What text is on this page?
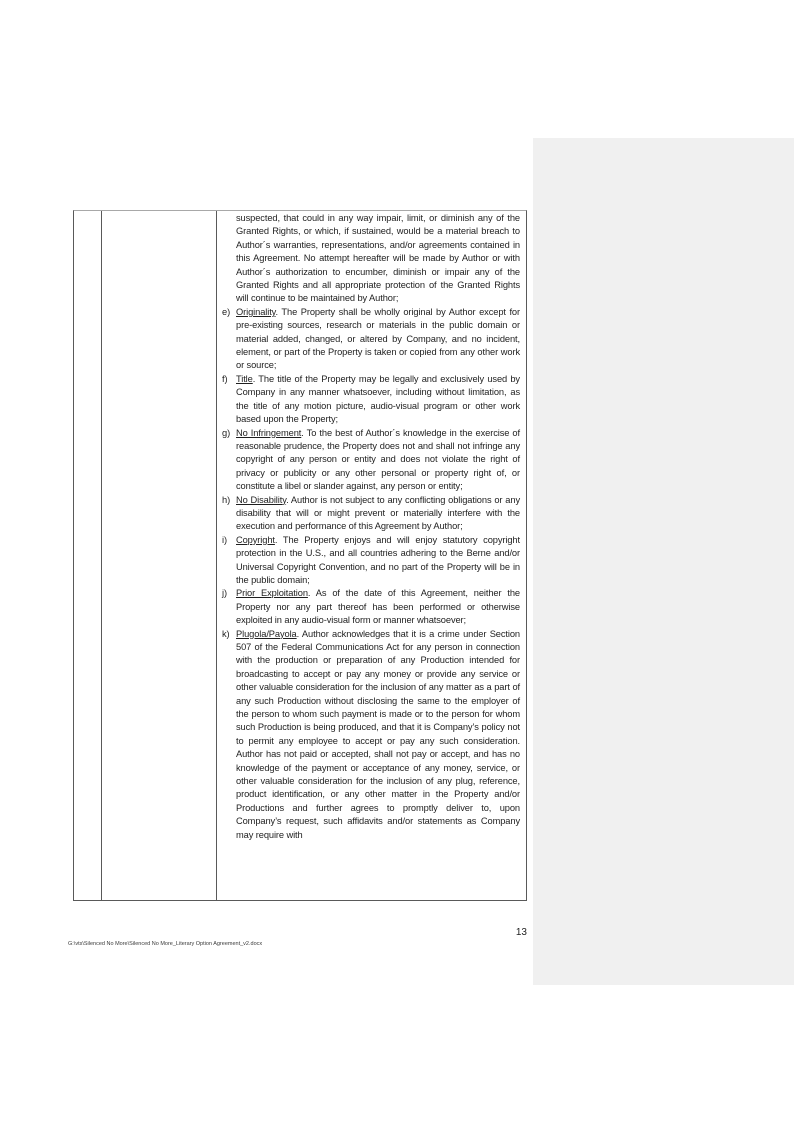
suspected, that could in any way impair, limit, or diminish any of the Granted Rights, or which, if sustained, would be a material breach to Author´s warranties, representations, and/or agreements contained in this Agreement. No attempt hereafter will be made by Author or with Author´s authorization to encumber, diminish or impair any of the Granted Rights and all appropriate protection of the Granted Rights will continue to be maintained by Author;

e) Originality. The Property shall be wholly original by Author except for pre-existing sources, research or materials in the public domain or material added, changed, or altered by Company, and no incident, element, or part of the Property is taken or copied from any other work or source;
f) Title. The title of the Property may be legally and exclusively used by Company in any manner whatsoever, including without limitation, as the title of any motion picture, audio-visual program or other work based upon the Property;
g) No Infringement. To the best of Author´s knowledge in the exercise of reasonable prudence, the Property does not and shall not infringe any copyright of any person or entity and does not violate the right of privacy or publicity or any other personal or property right of, or constitute a libel or slander against, any person or entity;
h) No Disability. Author is not subject to any conflicting obligations or any disability that will or might prevent or materially interfere with the execution and performance of this Agreement by Author;
i) Copyright. The Property enjoys and will enjoy statutory copyright protection in the U.S., and all countries adhering to the Berne and/or Universal Copyright Convention, and no part of the Property will be in the public domain;
j) Prior Exploitation. As of the date of this Agreement, neither the Property nor any part thereof has been performed or otherwise exploited in any audio-visual form or manner whatsoever;
k) Plugola/Payola. Author acknowledges that it is a crime under Section 507 of the Federal Communications Act for any person in connection with the production or preparation of any Production intended for broadcasting to accept or pay any money or provide any service or other valuable consideration for the inclusion of any matter as a part of any such Production without disclosing the same to the employer of the person to whom such payment is made or to the person for whom such Production is being produced, and that it is Company’s policy not to permit any employee to accept or pay any such consideration. Author has not paid or accepted, shall not pay or accept, and has no knowledge of the payment or acceptance of any money, service, or other valuable consideration for the inclusion of any plug, reference, product identification, or any other matter in the Property and/or Productions and further agrees to promptly deliver to, upon Company’s request, such affidavits and/or statements as Company may require with
13
G:\vts\Silenced No More\Silenced No More_Literary Option Agreement_v2.docx
